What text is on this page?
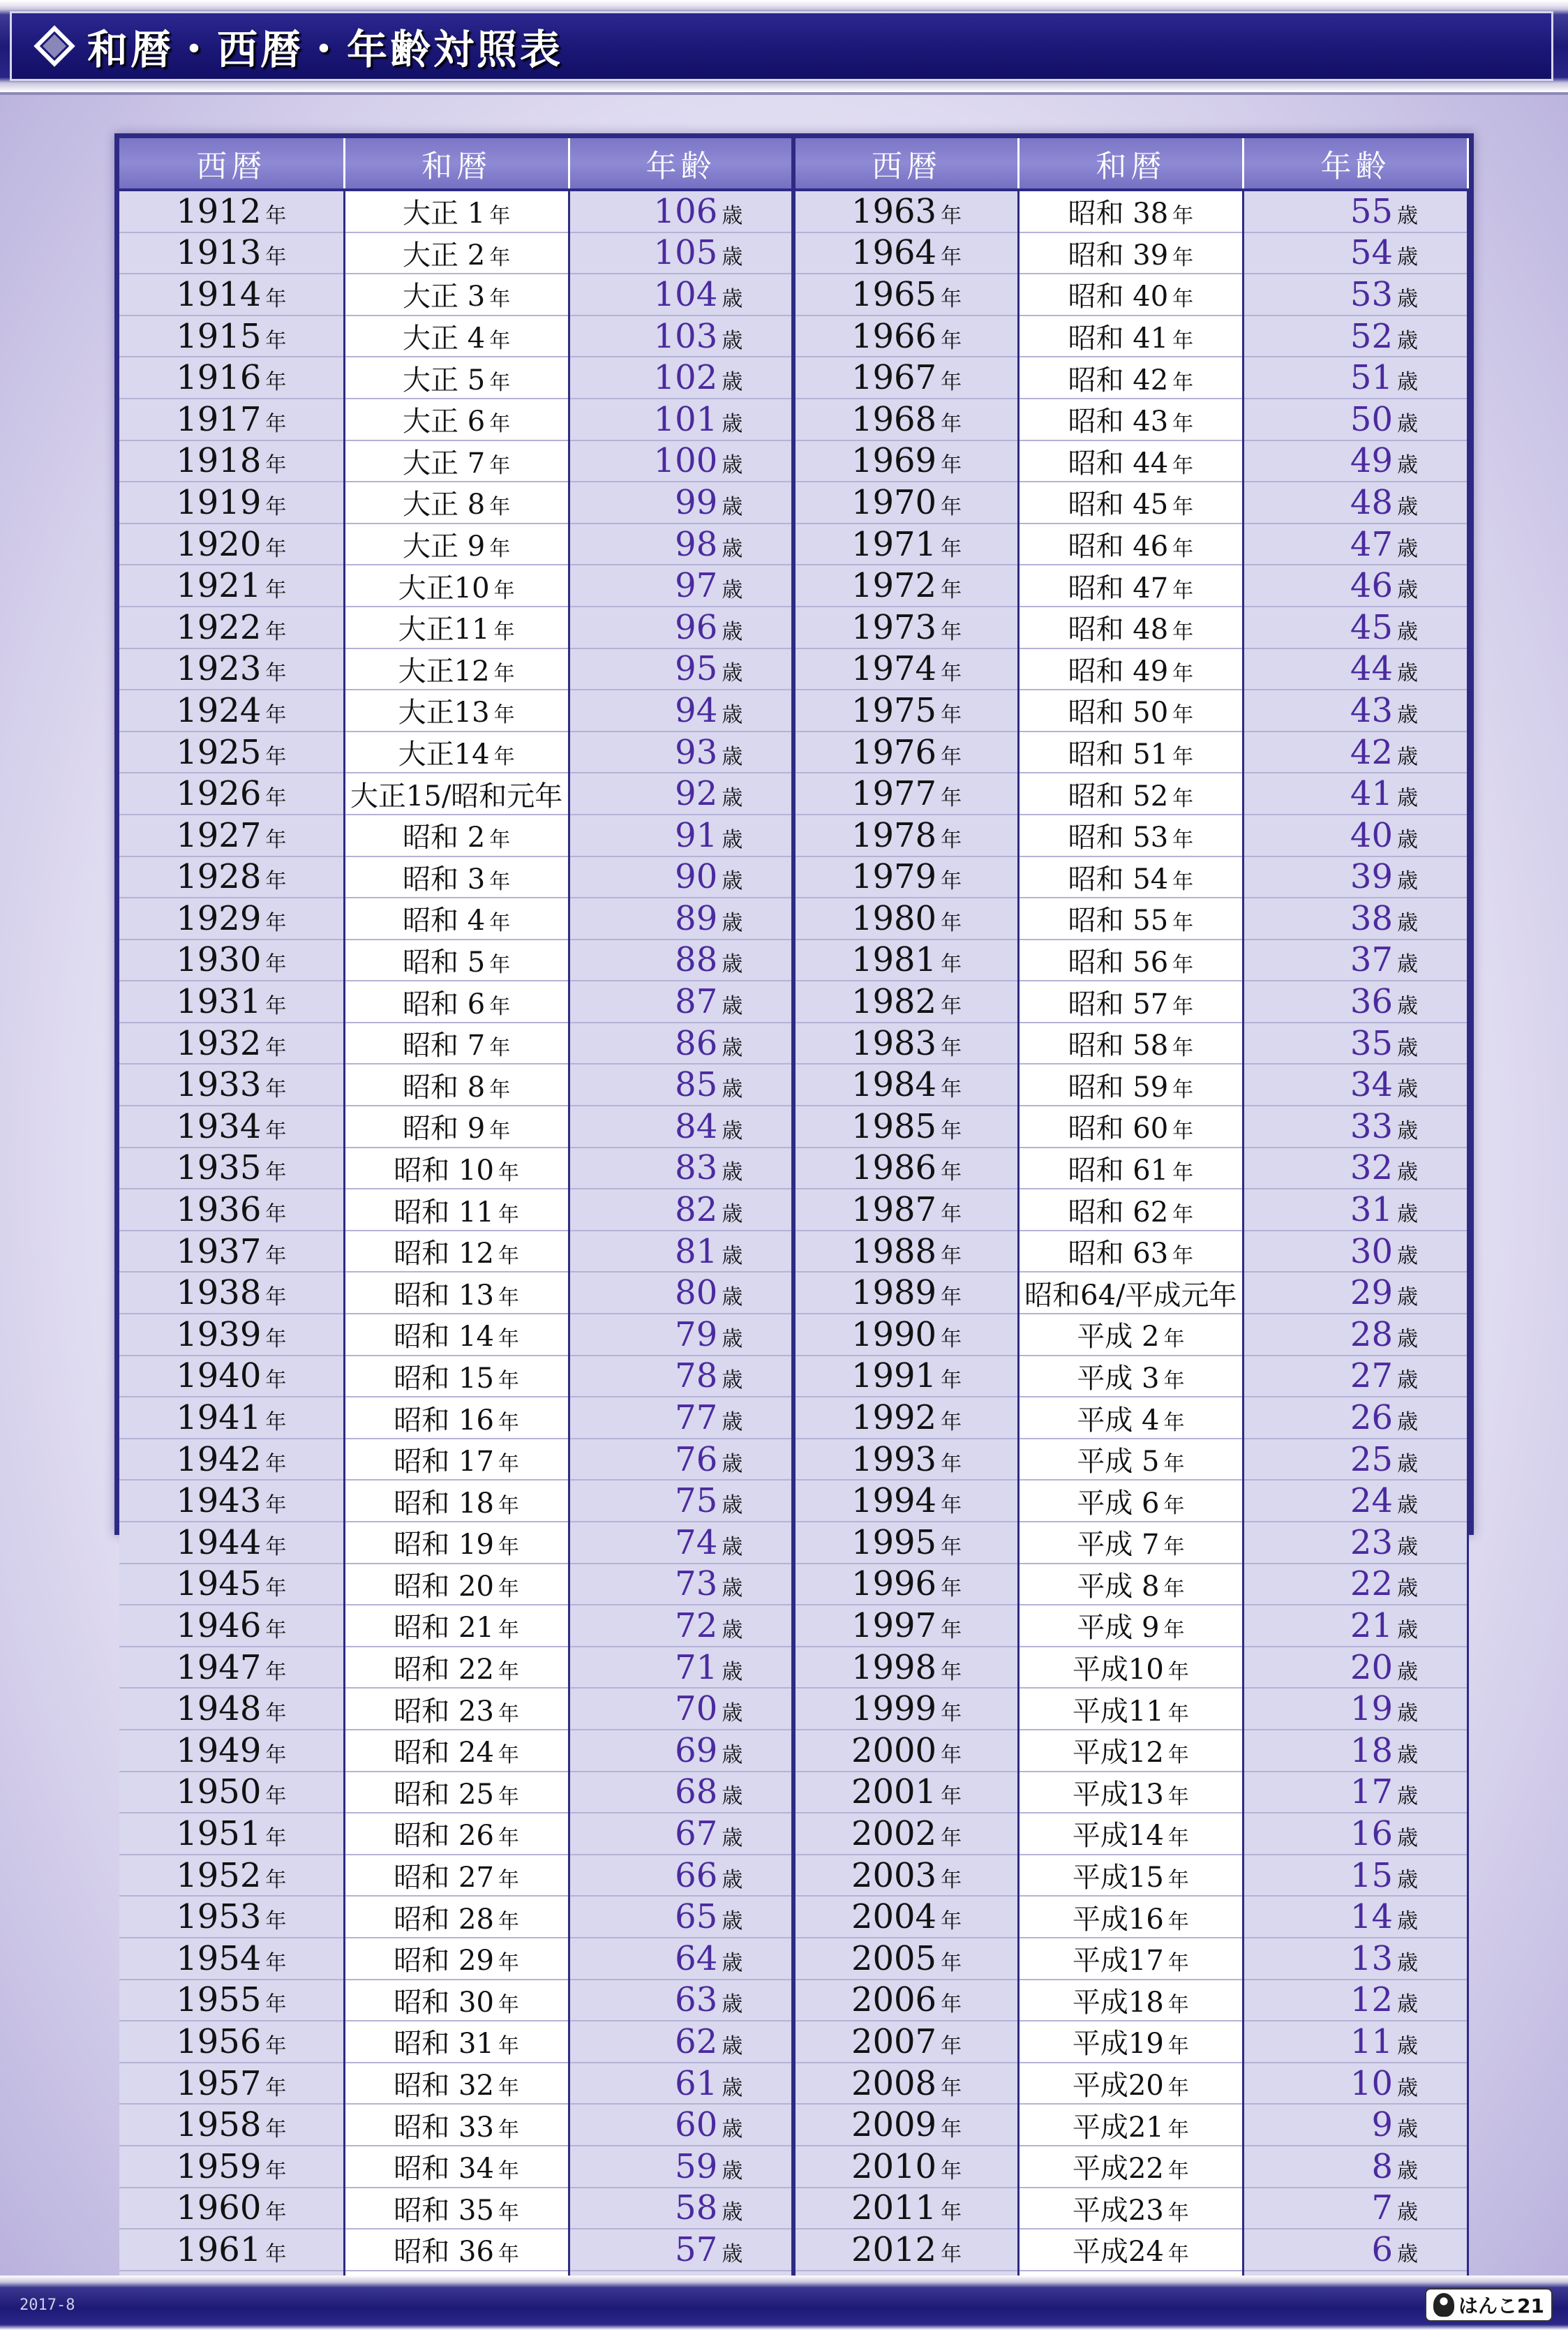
和暦・西暦・年齢対照表
西暦	和暦	年齢	西暦	和暦	年齢
1912 年	大正 1 年	106 歳	1963 年	昭和 38 年	55 歳
1913 年	大正 2 年	105 歳	1964 年	昭和 39 年	54 歳
1914 年	大正 3 年	104 歳	1965 年	昭和 40 年	53 歳
1915 年	大正 4 年	103 歳	1966 年	昭和 41 年	52 歳
1916 年	大正 5 年	102 歳	1967 年	昭和 42 年	51 歳
1917 年	大正 6 年	101 歳	1968 年	昭和 43 年	50 歳
1918 年	大正 7 年	100 歳	1969 年	昭和 44 年	49 歳
1919 年	大正 8 年	99 歳	1970 年	昭和 45 年	48 歳
1920 年	大正 9 年	98 歳	1971 年	昭和 46 年	47 歳
1921 年	大正10 年	97 歳	1972 年	昭和 47 年	46 歳
1922 年	大正11 年	96 歳	1973 年	昭和 48 年	45 歳
1923 年	大正12 年	95 歳	1974 年	昭和 49 年	44 歳
1924 年	大正13 年	94 歳	1975 年	昭和 50 年	43 歳
1925 年	大正14 年	93 歳	1976 年	昭和 51 年	42 歳
1926 年	大正15/昭和元年	92 歳	1977 年	昭和 52 年	41 歳
1927 年	昭和 2 年	91 歳	1978 年	昭和 53 年	40 歳
1928 年	昭和 3 年	90 歳	1979 年	昭和 54 年	39 歳
1929 年	昭和 4 年	89 歳	1980 年	昭和 55 年	38 歳
1930 年	昭和 5 年	88 歳	1981 年	昭和 56 年	37 歳
1931 年	昭和 6 年	87 歳	1982 年	昭和 57 年	36 歳
1932 年	昭和 7 年	86 歳	1983 年	昭和 58 年	35 歳
1933 年	昭和 8 年	85 歳	1984 年	昭和 59 年	34 歳
1934 年	昭和 9 年	84 歳	1985 年	昭和 60 年	33 歳
1935 年	昭和 10 年	83 歳	1986 年	昭和 61 年	32 歳
1936 年	昭和 11 年	82 歳	1987 年	昭和 62 年	31 歳
1937 年	昭和 12 年	81 歳	1988 年	昭和 63 年	30 歳
1938 年	昭和 13 年	80 歳	1989 年	昭和64/平成元年	29 歳
1939 年	昭和 14 年	79 歳	1990 年	平成 2 年	28 歳
1940 年	昭和 15 年	78 歳	1991 年	平成 3 年	27 歳
1941 年	昭和 16 年	77 歳	1992 年	平成 4 年	26 歳
1942 年	昭和 17 年	76 歳	1993 年	平成 5 年	25 歳
1943 年	昭和 18 年	75 歳	1994 年	平成 6 年	24 歳
1944 年	昭和 19 年	74 歳	1995 年	平成 7 年	23 歳
1945 年	昭和 20 年	73 歳	1996 年	平成 8 年	22 歳
1946 年	昭和 21 年	72 歳	1997 年	平成 9 年	21 歳
1947 年	昭和 22 年	71 歳	1998 年	平成10 年	20 歳
1948 年	昭和 23 年	70 歳	1999 年	平成11 年	19 歳
1949 年	昭和 24 年	69 歳	2000 年	平成12 年	18 歳
1950 年	昭和 25 年	68 歳	2001 年	平成13 年	17 歳
1951 年	昭和 26 年	67 歳	2002 年	平成14 年	16 歳
1952 年	昭和 27 年	66 歳	2003 年	平成15 年	15 歳
1953 年	昭和 28 年	65 歳	2004 年	平成16 年	14 歳
1954 年	昭和 29 年	64 歳	2005 年	平成17 年	13 歳
1955 年	昭和 30 年	63 歳	2006 年	平成18 年	12 歳
1956 年	昭和 31 年	62 歳	2007 年	平成19 年	11 歳
1957 年	昭和 32 年	61 歳	2008 年	平成20 年	10 歳
1958 年	昭和 33 年	60 歳	2009 年	平成21 年	9 歳
1959 年	昭和 34 年	59 歳	2010 年	平成22 年	8 歳
1960 年	昭和 35 年	58 歳	2011 年	平成23 年	7 歳
1961 年	昭和 36 年	57 歳	2012 年	平成24 年	6 歳

2017-8	はんこ21
